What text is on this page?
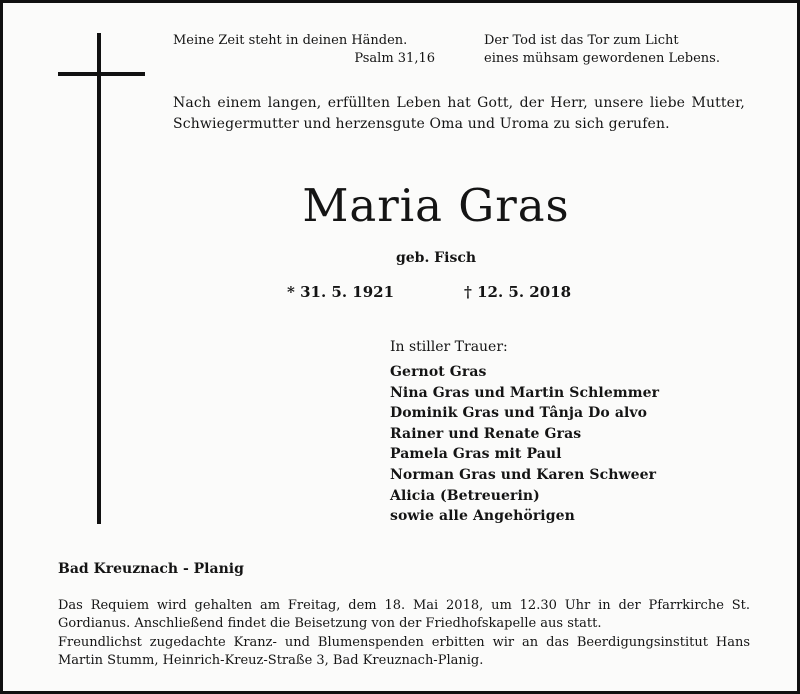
Meine Zeit steht in deinen Händen.
Psalm 31,16
Der Tod ist das Tor zum Licht
eines mühsam gewordenen Lebens.

Nach einem langen, erfüllten Leben hat Gott, der Herr, unsere liebe Mutter, Schwiegermutter und herzensgute Oma und Uroma zu sich gerufen.

Maria Gras
geb. Fisch
* 31. 5. 1921	† 12. 5. 2018
In stiller Trauer:
Gernot Gras
Nina Gras und Martin Schlemmer
Dominik Gras und Tânja Do alvo
Rainer und Renate Gras
Pamela Gras mit Paul
Norman Gras und Karen Schweer
Alicia (Betreuerin)
sowie alle Angehörigen
Bad Kreuznach - Planig

Das Requiem wird gehalten am Freitag, dem 18. Mai 2018, um 12.30 Uhr in der Pfarrkirche St. Gordianus. Anschließend findet die Beisetzung von der Friedhofskapelle aus statt.

Freundlichst zugedachte Kranz- und Blumenspenden erbitten wir an das Beerdigungsinstitut Hans Martin Stumm, Heinrich-Kreuz-Straße 3, Bad Kreuznach-Planig.
